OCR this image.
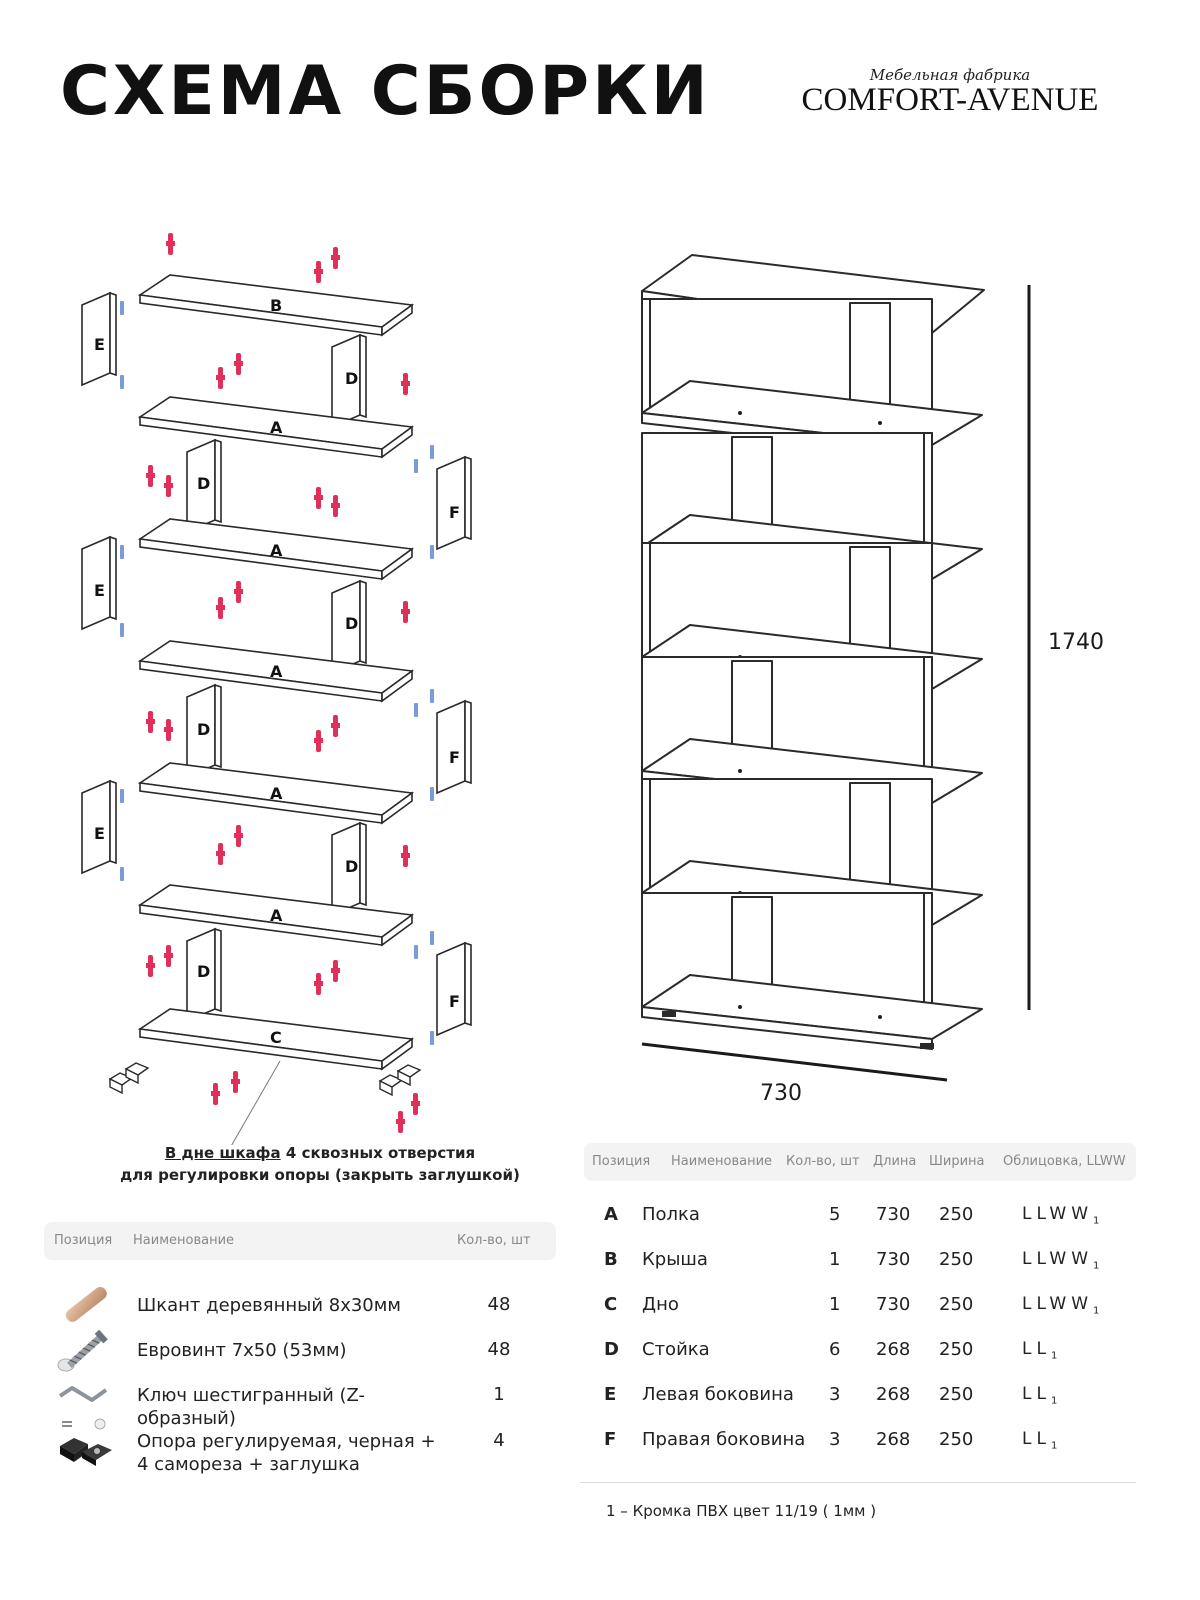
СХЕМА СБОРКИ	Мебельная фабрика
COMFORT-AVENUE
B
E
D
A
D
F
A
E
D
A
D
F
A
E
D
A
D
F
C
1740
730
В дне шкафа 4 сквозных отверстия
для регулировки опоры (закрыть заглушкой)
Позиция Наименование	Кол-во, шт
Шкант деревянный 8х30мм	48
Евровинт 7х50 (53мм)	48
Ключ шестигранный (Z-образный)
1
Опора регулируемая, черная +
4 самореза + заглушка
4
Позиция Наименование Кол-во, шт Длина Ширина Облицовка, LLWW
A Полка	5 730 250	$LLWW_1$
B Крыша	1 730 250	$LLWW_1$
C Дно	1 730 250	$LLWW_1$
D Стойка	6 268 250	$LL_1$
E Левая боковина 3 268 250	$LL_1$
F Правая боковина 3 268 250	$LL_1$
1 – Кромка ПВХ цвет 11/19 ( 1мм )
